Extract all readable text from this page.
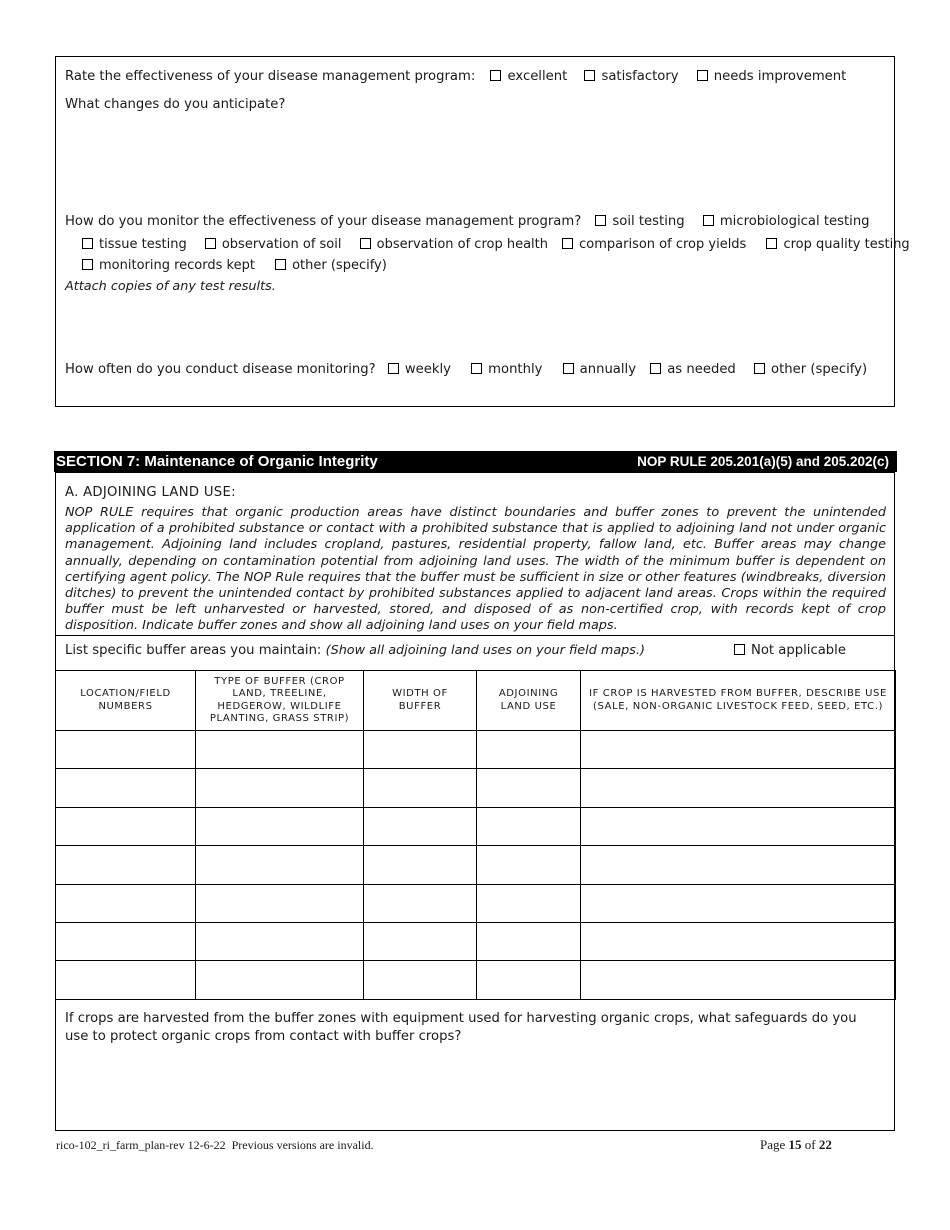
Rate the effectiveness of your disease management program: excellent	satisfactory	needs improvement
What changes do you anticipate?
How do you monitor the effectiveness of your disease management program? soil testing	microbiological testing
tissue testing	observation of soil	observation of crop health comparison of crop yields	crop quality testing
monitoring records kept	other (specify)
Attach copies of any test results.
How often do you conduct disease monitoring? weekly	monthly	annually as needed	other (specify)
SECTION 7: Maintenance of Organic Integrity	NOP RULE 205.201(a)(5) and 205.202(c)
A. ADJOINING LAND USE:
NOP RULE requires that organic production areas have distinct boundaries and buffer zones to prevent the unintended application of a prohibited substance or contact with a prohibited substance that is applied to adjoining land not under organic management. Adjoining land includes cropland, pastures, residential property, fallow land, etc. Buffer areas may change annually, depending on contamination potential from adjoining land uses. The width of the minimum buffer is dependent on certifying agent policy. The NOP Rule requires that the buffer must be sufficient in size or other features (windbreaks, diversion ditches) to prevent the unintended contact by prohibited substances applied to adjacent land areas. Crops within the required buffer must be left unharvested or harvested, stored, and disposed of as non-certified crop, with records kept of crop disposition. Indicate buffer zones and show all adjoining land uses on your field maps.
List specific buffer areas you maintain: (Show all adjoining land uses on your field maps.)	Not applicable
LOCATION/FIELD NUMBERS	TYPE OF BUFFER (CROP LAND, TREELINE, HEDGEROW, WILDLIFE PLANTING, GRASS STRIP)	WIDTH OF BUFFER	ADJOINING LAND USE	IF CROP IS HARVESTED FROM BUFFER, DESCRIBE USE (SALE, NON-ORGANIC LIVESTOCK FEED, SEED, ETC.)

If crops are harvested from the buffer zones with equipment used for harvesting organic crops, what safeguards do you use to protect organic crops from contact with buffer crops?
rico-102_ri_farm_plan-rev 12-6-22  Previous versions are invalid.	Page 15 of 22
